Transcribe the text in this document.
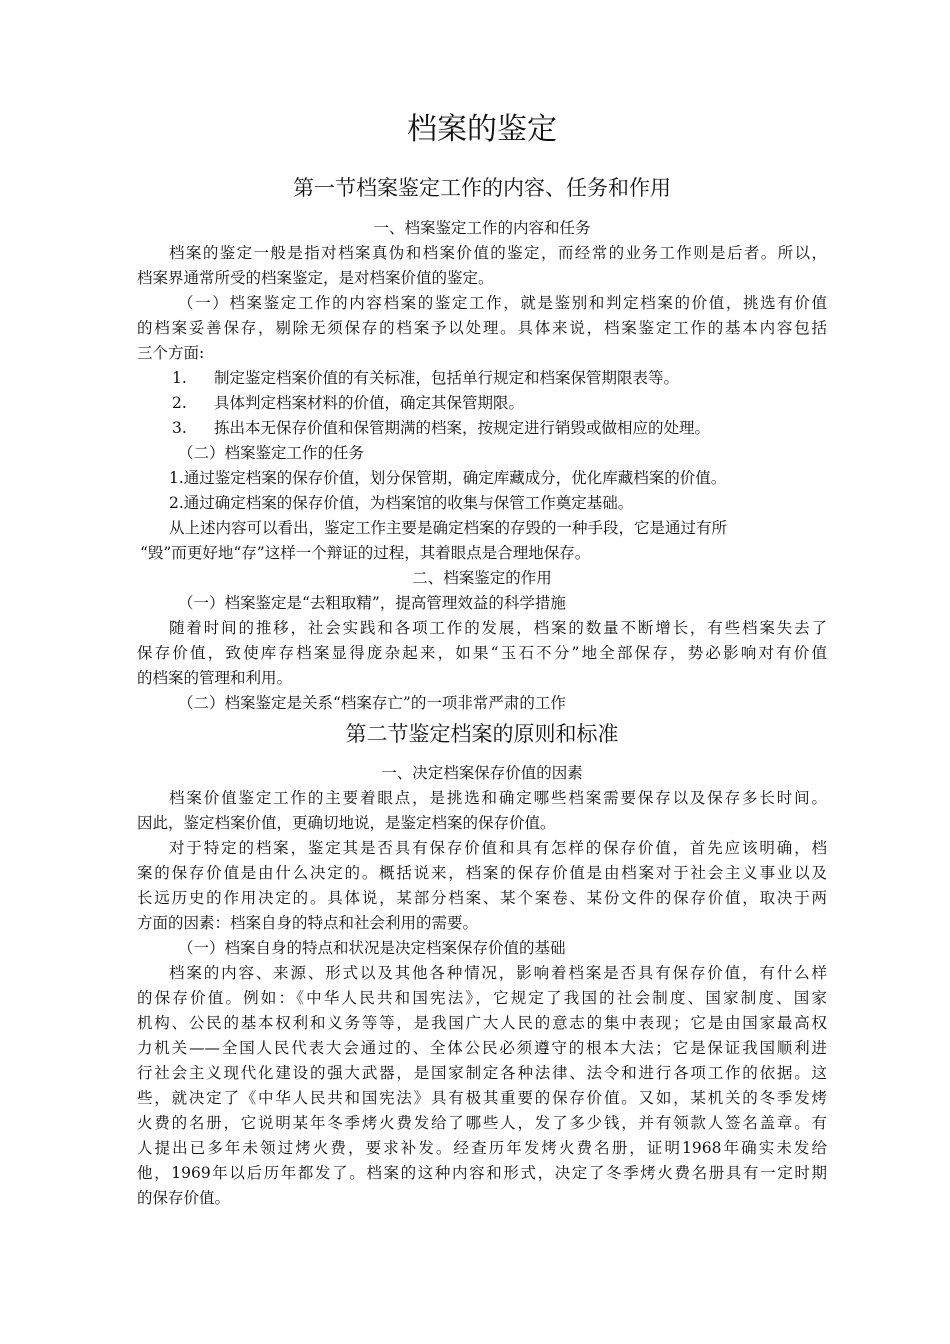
档案的鉴定

第一节档案鉴定工作的内容、任务和作用

一、档案鉴定工作的内容和任务

档案的鉴定一般是指对档案真伪和档案价值的鉴定，而经常的业务工作则是后者。所以，

档案界通常所受的档案鉴定，是对档案价值的鉴定。

（一）档案鉴定工作的内容档案的鉴定工作，就是鉴别和判定档案的价值，挑选有价值

的档案妥善保存，剔除无须保存的档案予以处理。具体来说，档案鉴定工作的基本内容包括

三个方面:

1. 制定鉴定档案价值的有关标准，包括单行规定和档案保管期限表等。

2. 具体判定档案材料的价值，确定其保管期限。

3. 拣出本无保存价值和保管期满的档案，按规定进行销毁或做相应的处理。

（二）档案鉴定工作的任务

1.通过鉴定档案的保存价值，划分保管期，确定库藏成分，优化库藏档案的价值。

2.通过确定档案的保存价值，为档案馆的收集与保管工作奠定基础。

从上述内容可以看出，鉴定工作主要是确定档案的存毁的一种手段，它是通过有所

“毁”而更好地“存”这样一个辩证的过程，其着眼点是合理地保存。

二、档案鉴定的作用

（一）档案鉴定是“去粗取精”，提高管理效益的科学措施

随着时间的推移，社会实践和各项工作的发展，档案的数量不断增长，有些档案失去了

保存价值，致使库存档案显得庞杂起来，如果“玉石不分”地全部保存，势必影响对有价值

的档案的管理和利用。

（二）档案鉴定是关系“档案存亡”的一项非常严肃的工作

第二节鉴定档案的原则和标准

一、决定档案保存价值的因素

档案价值鉴定工作的主要着眼点，是挑选和确定哪些档案需要保存以及保存多长时间。

因此，鉴定档案价值，更确切地说，是鉴定档案的保存价值。

对于特定的档案，鉴定其是否具有保存价值和具有怎样的保存价值，首先应该明确，档

案的保存价值是由什么决定的。概括说来，档案的保存价值是由档案对于社会主义事业以及

长远历史的作用决定的。具体说，某部分档案、某个案卷、某份文件的保存价值，取决于两

方面的因素：档案自身的特点和社会利用的需要。

（一）档案自身的特点和状况是决定档案保存价值的基础

档案的内容、来源、形式以及其他各种情况，影响着档案是否具有保存价值，有什么样

的保存价值。例如：《中华人民共和国宪法》，它规定了我国的社会制度、国家制度、国家

机构、公民的基本权利和义务等等，是我国广大人民的意志的集中表现；它是由国家最高权

力机关——全国人民代表大会通过的、全体公民必须遵守的根本大法；它是保证我国顺利进

行社会主义现代化建设的强大武器，是国家制定各种法律、法令和进行各项工作的依据。这

些，就决定了《中华人民共和国宪法》具有极其重要的保存价值。又如，某机关的冬季发烤

火费的名册，它说明某年冬季烤火费发给了哪些人，发了多少钱，并有领款人签名盖章。有

人提出已多年未领过烤火费，要求补发。经查历年发烤火费名册，证明1968年确实未发给

他，1969年以后历年都发了。档案的这种内容和形式，决定了冬季烤火费名册具有一定时期

的保存价值。
